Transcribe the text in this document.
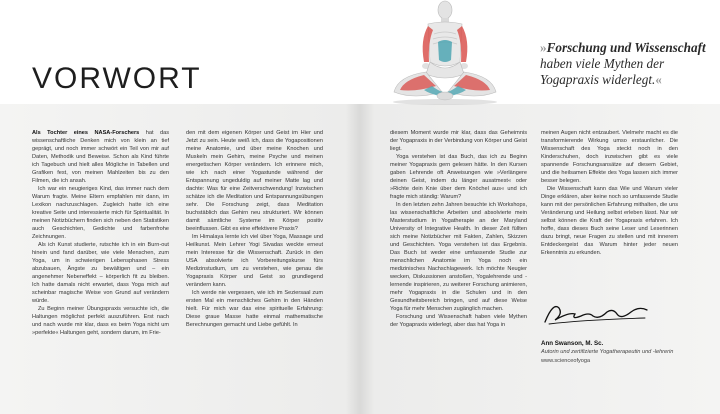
VORWORT
»Forschung und Wissenschaft haben viele Mythen der Yogapraxis widerlegt.«

Als Tochter eines NASA-Forschers hat das wissenschaftliche Denken mich von klein an tief geprägt, und noch immer schwört ein Teil von mir auf Daten, Methodik und Beweise. Schon als Kind führte ich Tagebuch und hielt alles Mögliche in Tabellen und Grafiken fest, von meinen Mahlzeiten bis zu den Filmen, die ich ansah.

Ich war ein neugieriges Kind, das immer nach dem Warum fragte. Meine Eltern empfahlen mir dann, im Lexikon nachzuschlagen. Zugleich hatte ich eine kreative Seite und interessierte mich für Spiritualität. In meinen Notizbüchern finden sich neben den Statistiken auch Geschichten, Gedichte und farbenfrohe Zeichnungen.

Als ich Kunst studierte, rutschte ich in ein Burn-out hinein und fand darüber, wie viele Menschen, zum Yoga, um in schwierigen Lebensphasen Stress abzubauen, Ängste zu bewältigen und – ein angenehmer Nebeneffekt – körperlich fit zu bleiben. Ich hatte damals nicht erwartet, dass Yoga mich auf scheinbar magische Weise von Grund auf verändern würde.

Zu Beginn meiner Übungspraxis versuchte ich, die Haltungen möglichst perfekt auszuführen. Erst nach und nach wurde mir klar, dass es beim Yoga nicht um »perfekte« Haltungen geht, sondern darum, im Frie-

den mit dem eigenen Körper und Geist im Hier und Jetzt zu sein. Heute weiß ich, dass die Yogapositionen meine Anatomie, und über meine Knochen und Muskeln mein Gehirn, meine Psyche und meinen energetischen Körper verändern. Ich erinnere mich, wie ich nach einer Yogastunde während der Entspannung ungeduldig auf meiner Matte lag und dachte: Was für eine Zeitverschwendung! Inzwischen schätze ich die Meditation und Entspannungsübungen sehr. Die Forschung zeigt, dass Meditation buchstäblich das Gehirn neu strukturiert. Wir können damit sämtliche Systeme im Körper positiv beeinflussen. Gibt es eine effektivere Praxis?

Im Himalaya lernte ich viel über Yoga, Massage und Heilkunst. Mein Lehrer Yogi Sivadas weckte erneut mein Interesse für die Wissenschaft. Zurück in den USA absolvierte ich Vorbereitungskurse fürs Medizinstudium, um zu verstehen, wie genau die Yogapraxis Körper und Geist so grundlegend verändern kann.

Ich werde nie vergessen, wie ich im Seziersaal zum ersten Mal ein menschliches Gehirn in den Händen hielt. Für mich war das eine spirituelle Erfahrung: Diese graue Masse hatte einmal mathematische Berechnungen gemacht und Liebe gefühlt. In

diesem Moment wurde mir klar, dass das Geheimnis der Yogapraxis in der Verbindung von Körper und Geist liegt.

Yoga verstehen ist das Buch, das ich zu Beginn meiner Yogapraxis gern gelesen hätte. In den Kursen gaben Lehrende oft Anweisungen wie »Verlängere deinen Geist, indem du länger ausatmest« oder »Richte dein Knie über dem Knöchel aus« und ich fragte mich ständig: Warum?

In den letzten zehn Jahren besuchte ich Workshops, las wissenschaftliche Arbeiten und absolvierte mein Masterstudium in Yogatherapie an der Maryland University of Integrative Health. In dieser Zeit füllten sich meine Notizbücher mit Fakten, Zahlen, Skizzen und Geschichten. Yoga verstehen ist das Ergebnis. Das Buch ist weder eine umfassende Studie zur menschlichen Anatomie im Yoga noch ein medizinisches Nachschlagewerk. Ich möchte Neugier wecken, Diskussionen anstoßen, Yogalehrende und -lernende inspirieren, zu weiterer Forschung animieren, mehr Yogapraxis in die Schulen und in den Gesundheitsbereich bringen, und auf diese Weise Yoga für mehr Menschen zugänglich machen.

Forschung und Wissenschaft haben viele Mythen der Yogapraxis widerlegt, aber das hat Yoga in

meinen Augen nicht entzaubert. Vielmehr macht es die transformierende Wirkung umso erstaunlicher. Die Wissenschaft des Yoga steckt noch in den Kinderschuhen, doch inzwischen gibt es viele spannende Forschungsansätze auf diesem Gebiet, und die heilsamen Effekte des Yoga lassen sich immer besser belegen.

Die Wissenschaft kann das Wie und Warum vieler Dinge erklären, aber keine noch so umfassende Studie kann mit der persönlichen Erfahrung mithalten, die uns Veränderung und Heilung selbst erleben lässt. Nur wir selbst können die Kraft der Yogapraxis erfahren. Ich hoffe, dass dieses Buch seine Leser und Leserinnen dazu bringt, neue Fragen zu stellen und mit innerem Entdeckergeist das Warum hinter jeder neuen Erkenntnis zu erkunden.

Ann Swanson, M. Sc.
Autorin und zertifizierte Yogatherapeutin und -lehrerin
www.scienceofyoga
